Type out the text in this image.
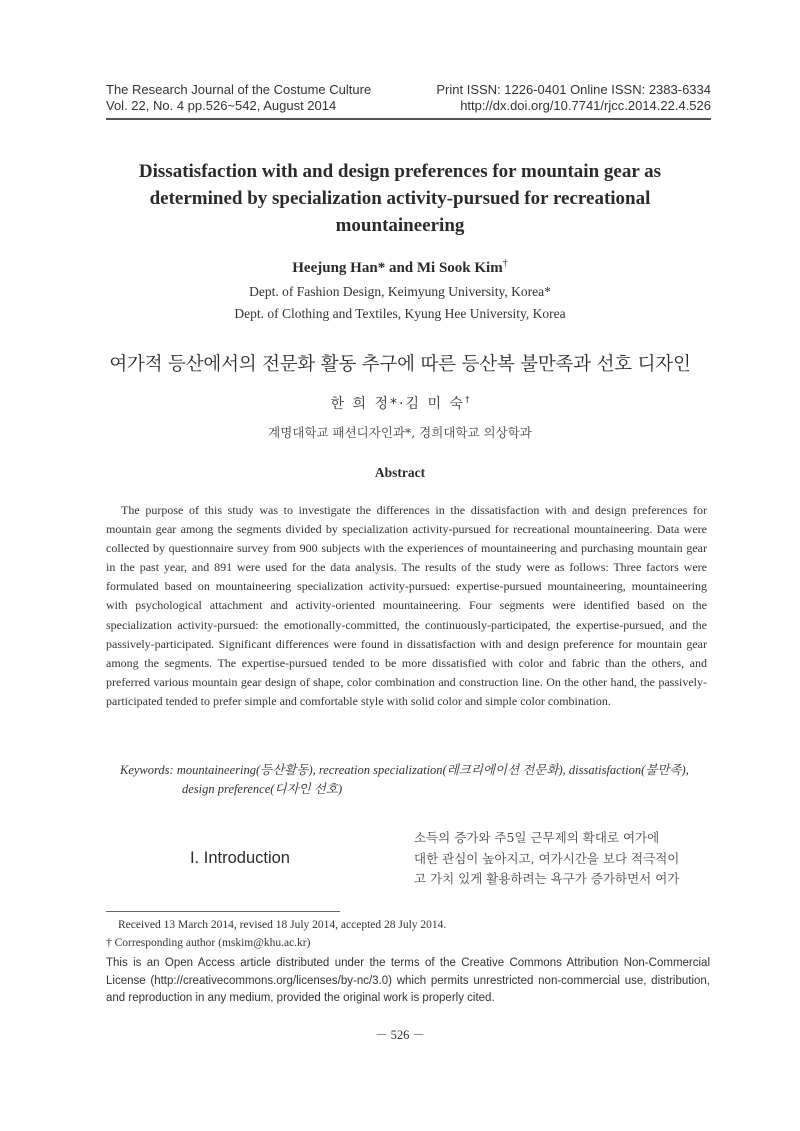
The Research Journal of the Costume Culture
Vol. 22, No. 4 pp.526~542, August 2014
Print ISSN: 1226-0401 Online ISSN: 2383-6334
http://dx.doi.org/10.7741/rjcc.2014.22.4.526
Dissatisfaction with and design preferences for mountain gear as
determined by specialization activity-pursued for recreational
mountaineering
Heejung Han* and Mi Sook Kim†
Dept. of Fashion Design, Keimyung University, Korea*
Dept. of Clothing and Textiles, Kyung Hee University, Korea
여가적 등산에서의 전문화 활동 추구에 따른 등산복 불만족과 선호 디자인
한 희 정*·김 미 숙†
계명대학교 패션디자인과*, 경희대학교 의상학과
Abstract
The purpose of this study was to investigate the differences in the dissatisfaction with and design preferences for mountain gear among the segments divided by specialization activity-pursued for recreational mountaineering. Data were collected by questionnaire survey from 900 subjects with the experiences of mountaineering and purchasing mountain gear in the past year, and 891 were used for the data analysis. The results of the study were as follows: Three factors were formulated based on mountaineering specialization activity-pursued: expertise-pursued mountaineering, mountaineering with psychological attachment and activity-oriented mountaineering. Four segments were identified based on the specialization activity-pursued: the emotionally-committed, the continuously-participated, the expertise-pursued, and the passively-participated. Significant differences were found in dissatisfaction with and design preference for mountain gear among the segments. The expertise-pursued tended to be more dissatisfied with color and fabric than the others, and preferred various mountain gear design of shape, color combination and construction line. On the other hand, the passively-participated tended to prefer simple and comfortable style with solid color and simple color combination.
Keywords: mountaineering(등산활동), recreation specialization(레크리에이션 전문화), dissatisfaction(불만족),
design preference(디자인 선호)
I. Introduction
소득의 증가와 주5일 근무제의 확대로 여가에
대한 관심이 높아지고, 여가시간을 보다 적극적이
고 가치 있게 활용하려는 욕구가 증가하면서 여가
Received 13 March 2014, revised 18 July 2014, accepted 28 July 2014.
† Corresponding author (mskim@khu.ac.kr)
This is an Open Access article distributed under the terms of the Creative Commons Attribution Non-Commercial License (http://creativecommons.org/licenses/by-nc/3.0) which permits unrestricted non-commercial use, distribution, and reproduction in any medium, provided the original work is properly cited.
－ 526 －
